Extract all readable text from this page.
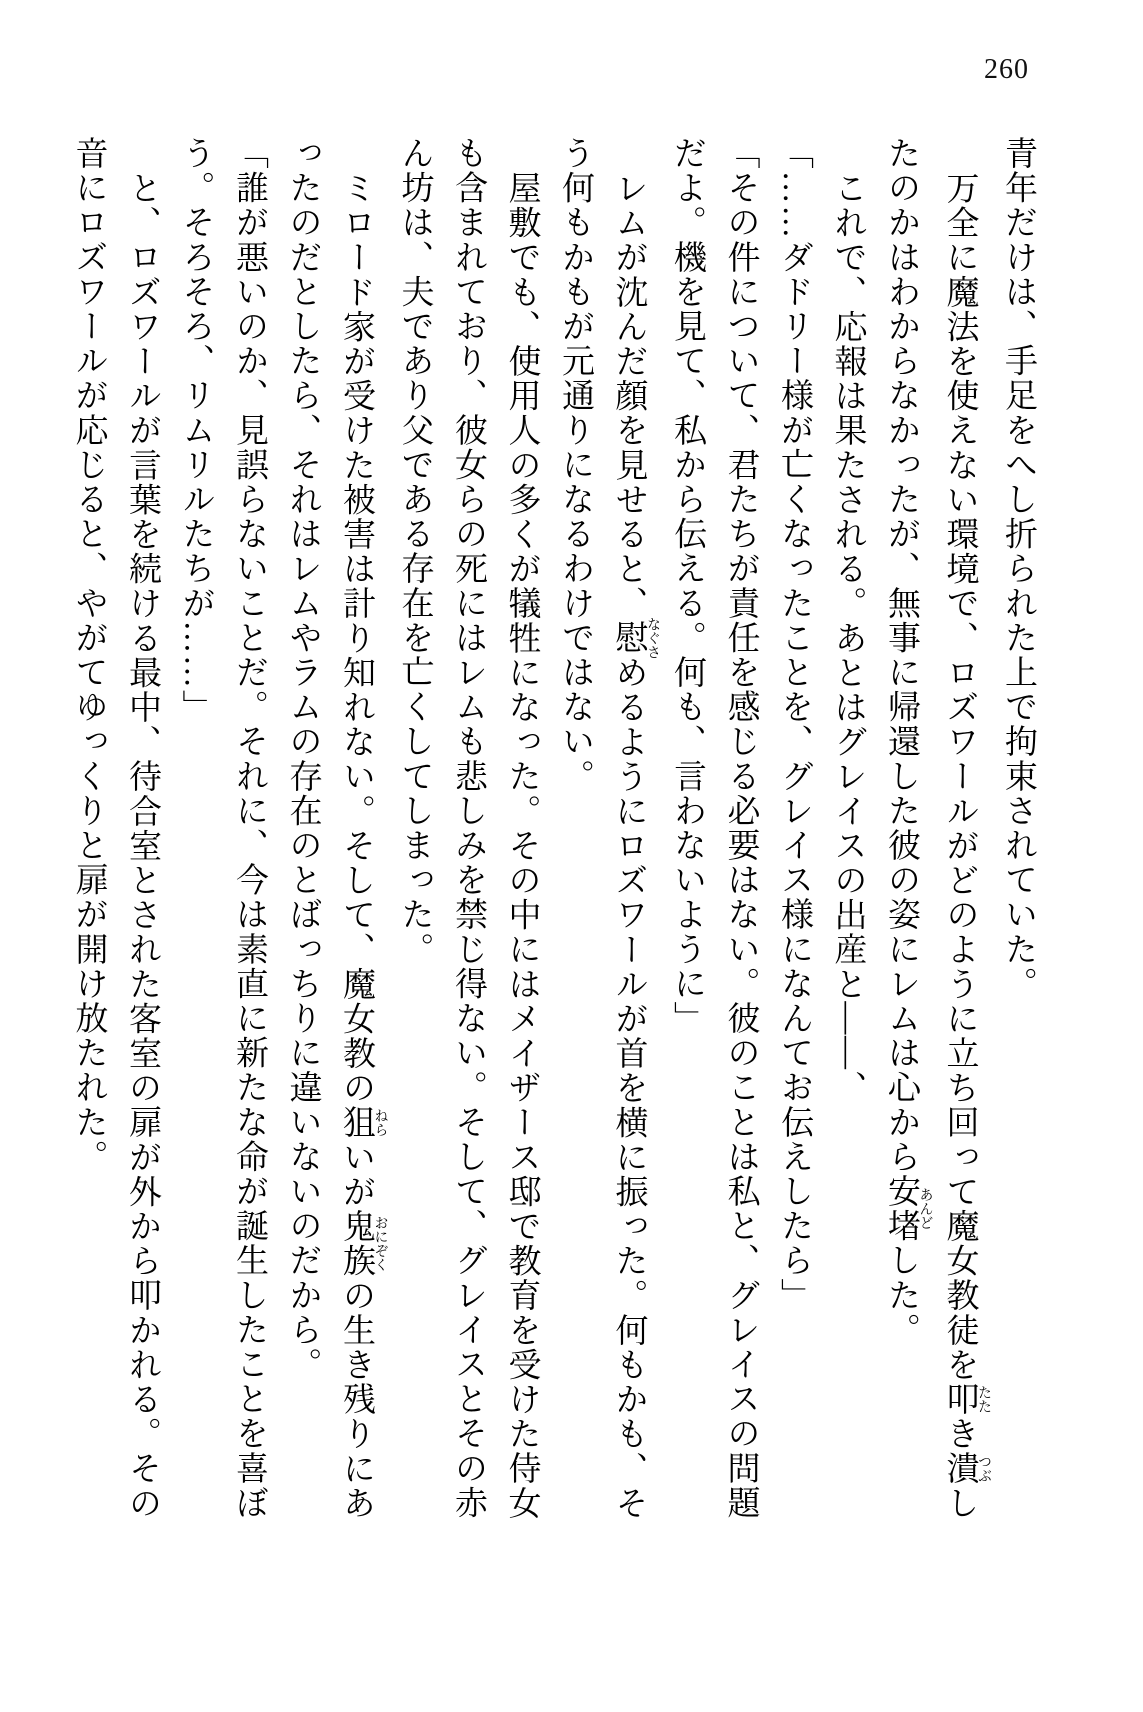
260

青年だけは、手足をへし折られた上で拘束されていた。

万全に魔法を使えない環境で、ロズワールがどのように立ち回って魔女教徒を叩たたき潰つぶし

たのかはわからなかったが、無事に帰還した彼の姿にレムは心から安堵あんどした。

これで、応報は果たされる。あとはグレイスの出産と――、

「……ダドリー様が亡くなったことを、グレイス様になんてお伝えしたら」

「その件について、君たちが責任を感じる必要はない。彼のことは私と、グレイスの問題

だよ。機を見て、私から伝える。何も、言わないように」

レムが沈んだ顔を見せると、慰なぐさめるようにロズワールが首を横に振った。何もかも、そ

う何もかもが元通りになるわけではない。

屋敷でも、使用人の多くが犠牲になった。その中にはメイザース邸で教育を受けた侍女

も含まれており、彼女らの死にはレムも悲しみを禁じ得ない。そして、グレイスとその赤

ん坊は、夫であり父である存在を亡くしてしまった。

ミロード家が受けた被害は計り知れない。そして、魔女教の狙ねらいが鬼族おにぞくの生き残りにあ

ったのだとしたら、それはレムやラムの存在のとばっちりに違いないのだから。

「誰が悪いのか、見誤らないことだ。それに、今は素直に新たな命が誕生したことを喜ぼ

う。そろそろ、リムリルたちが……」

と、ロズワールが言葉を続ける最中、待合室とされた客室の扉が外から叩かれる。その

音にロズワールが応じると、やがてゆっくりと扉が開け放たれた。
